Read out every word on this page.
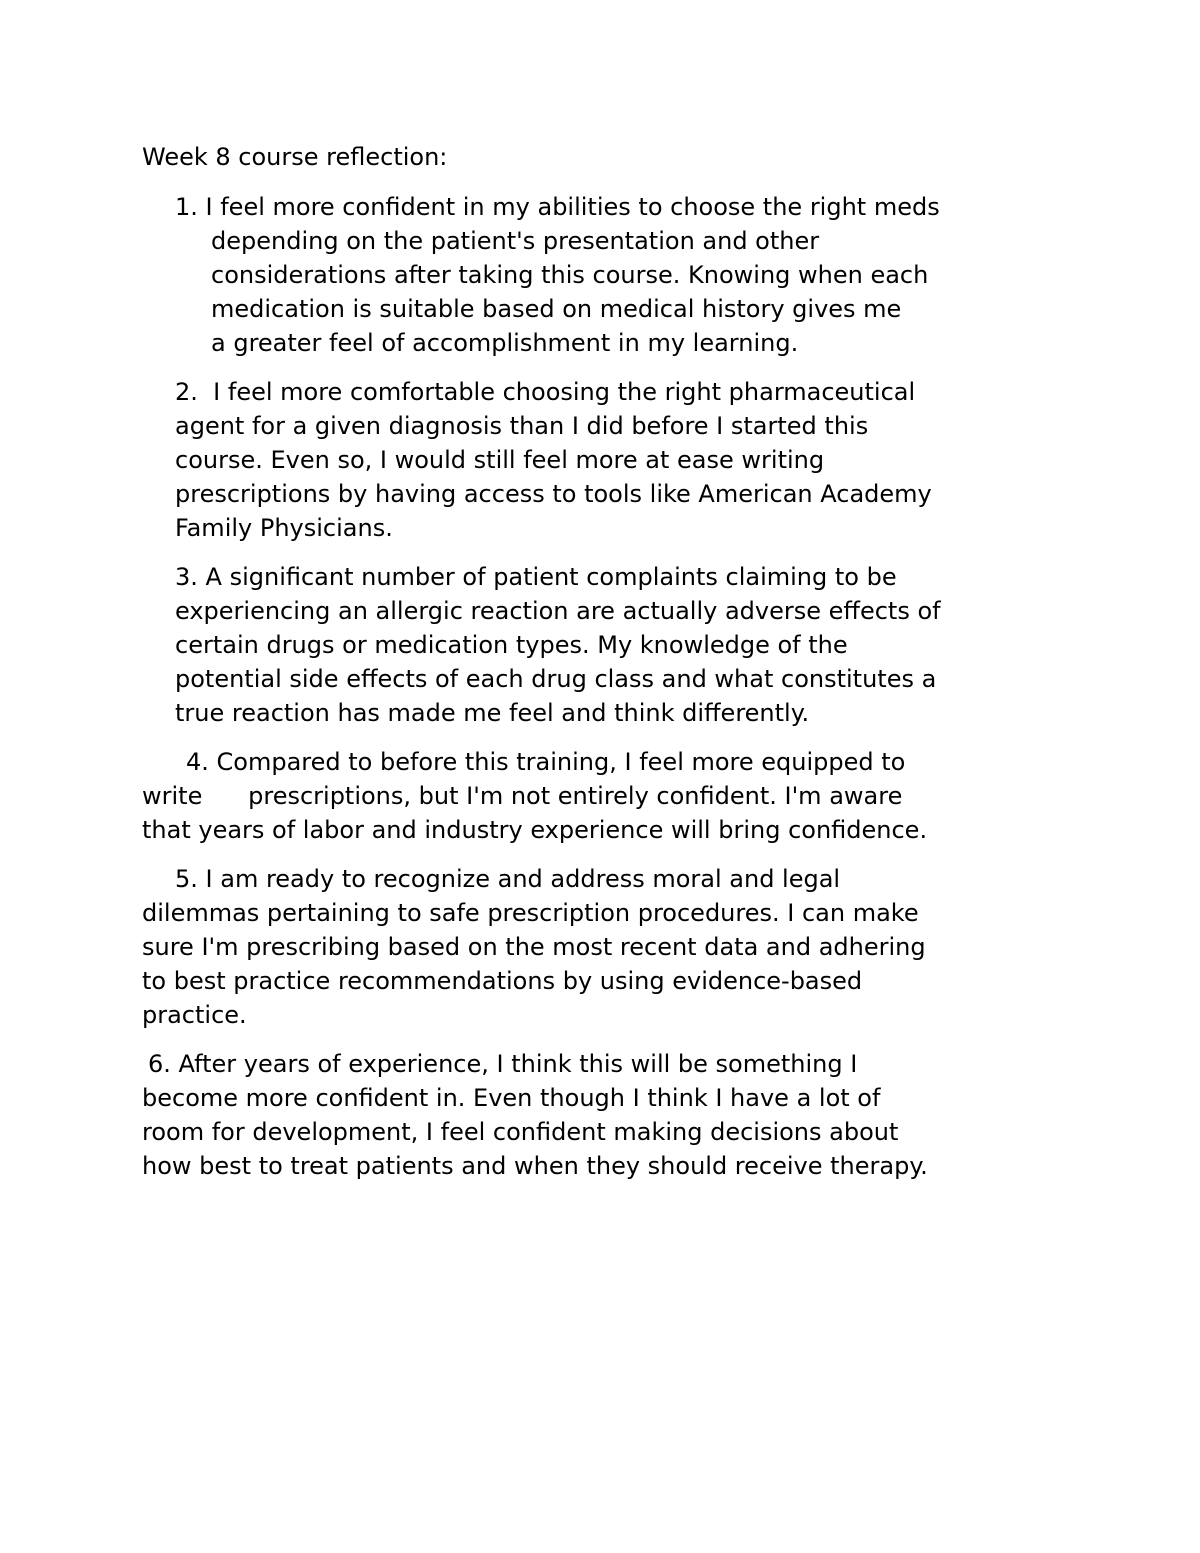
Week 8 course reflection:

1. I feel more confident in my abilities to choose the right meds

depending on the patient's presentation and other

considerations after taking this course. Knowing when each

medication is suitable based on medical history gives me

a greater feel of accomplishment in my learning.

2.  I feel more comfortable choosing the right pharmaceutical

agent for a given diagnosis than I did before I started this

course. Even so, I would still feel more at ease writing

prescriptions by having access to tools like American Academy

Family Physicians.

3. A significant number of patient complaints claiming to be

experiencing an allergic reaction are actually adverse effects of

certain drugs or medication types. My knowledge of the

potential side effects of each drug class and what constitutes a

true reaction has made me feel and think differently.

4. Compared to before this training, I feel more equipped to

write      prescriptions, but I'm not entirely confident. I'm aware

that years of labor and industry experience will bring confidence.

5. I am ready to recognize and address moral and legal

dilemmas pertaining to safe prescription procedures. I can make

sure I'm prescribing based on the most recent data and adhering

to best practice recommendations by using evidence-based

practice.

6. After years of experience, I think this will be something I

become more confident in. Even though I think I have a lot of

room for development, I feel confident making decisions about

how best to treat patients and when they should receive therapy.
